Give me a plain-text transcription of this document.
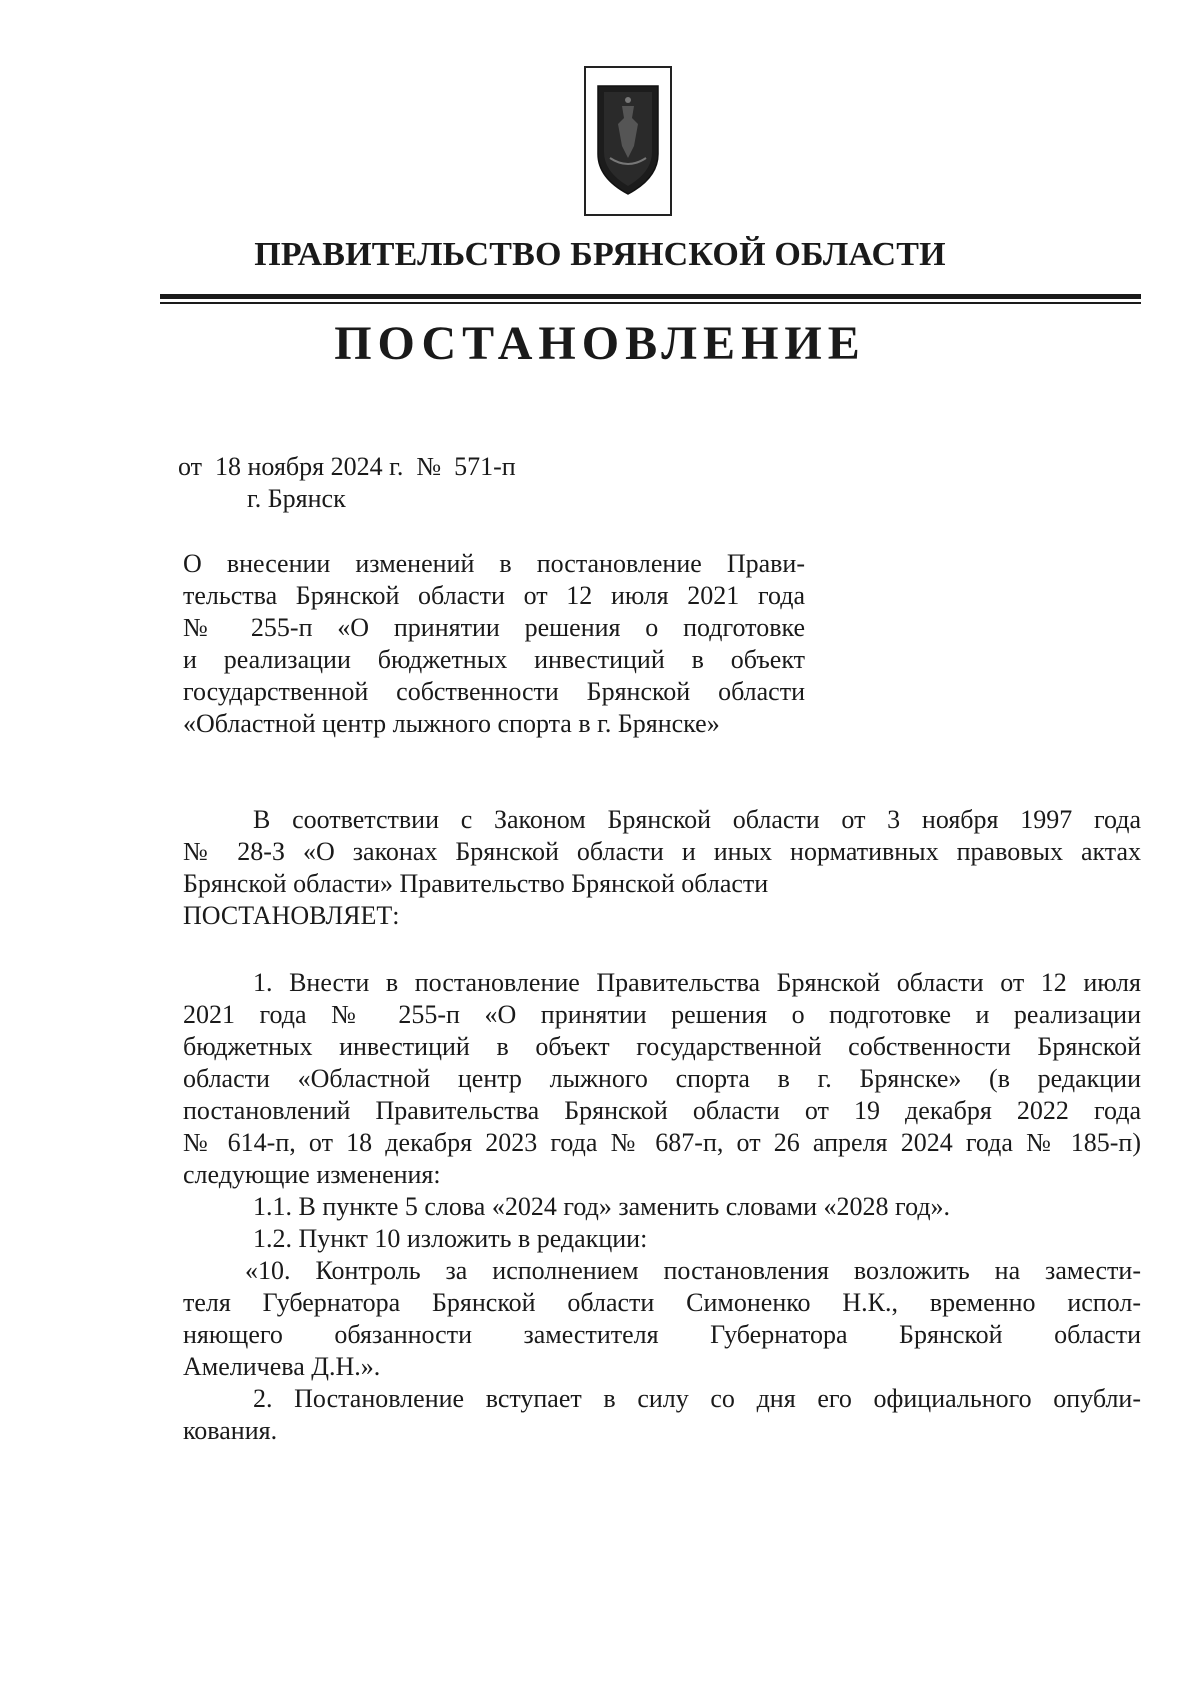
ПРАВИТЕЛЬСТВО БРЯНСКОЙ ОБЛАСТИ
ПОСТАНОВЛЕНИЕ
от  18 ноября 2024 г.  №  571-п
г. Брянск
О внесении изменений в постановление Прави-
тельства Брянской области от 12 июля 2021 года
№ 255-п «О принятии решения о подготовке
и реализации бюджетных инвестиций в объект
государственной собственности Брянской области
«Областной центр лыжного спорта в г. Брянске»
В соответствии с Законом Брянской области от 3 ноября 1997 года
№ 28-З «О законах Брянской области и иных нормативных правовых актах
Брянской области» Правительство Брянской области
ПОСТАНОВЛЯЕТ:
1. Внести в постановление Правительства Брянской области от 12 июля
2021 года № 255-п «О принятии решения о подготовке и реализации
бюджетных инвестиций в объект государственной собственности Брянской
области «Областной центр лыжного спорта в г. Брянске» (в редакции
постановлений Правительства Брянской области от 19 декабря 2022 года
№ 614-п, от 18 декабря 2023 года № 687-п, от 26 апреля 2024 года № 185-п)
следующие изменения:
1.1. В пункте 5 слова «2024 год» заменить словами «2028 год».
1.2. Пункт 10 изложить в редакции:
«10. Контроль за исполнением постановления возложить на замести-
теля Губернатора Брянской области Симоненко Н.К., временно испол-
няющего обязанности заместителя Губернатора Брянской области
Амеличева Д.Н.».
2. Постановление вступает в силу со дня его официального опубли-
кования.
